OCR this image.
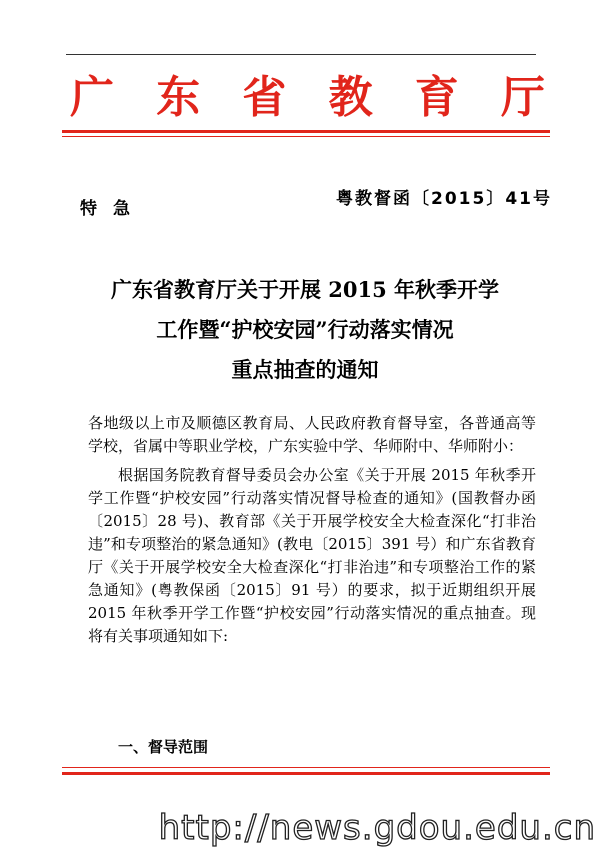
广 东 省 教 育 厅
特急	粤教督函〔2015〕41号
广东省教育厅关于开展 2015 年秋季开学
工作暨“护校安园”行动落实情况
重点抽查的通知

各地级以上市及顺德区教育局、人民政府教育督导室，各普通高等学校，省属中等职业学校，广东实验中学、华师附中、华师附小：

根据国务院教育督导委员会办公室《关于开展 2015 年秋季开学工作暨“护校安园”行动落实情况督导检查的通知》(国教督办函〔2015〕28 号)、教育部《关于开展学校安全大检查深化“打非治违”和专项整治的紧急通知》(教电〔2015〕391 号）和广东省教育厅《关于开展学校安全大检查深化“打非治违”和专项整治工作的紧急通知》(粤教保函〔2015〕91 号）的要求，拟于近期组织开展 2015 年秋季开学工作暨“护校安园”行动落实情况的重点抽查。现将有关事项通知如下:

一、督导范围
http://news.gdou.edu.cn
